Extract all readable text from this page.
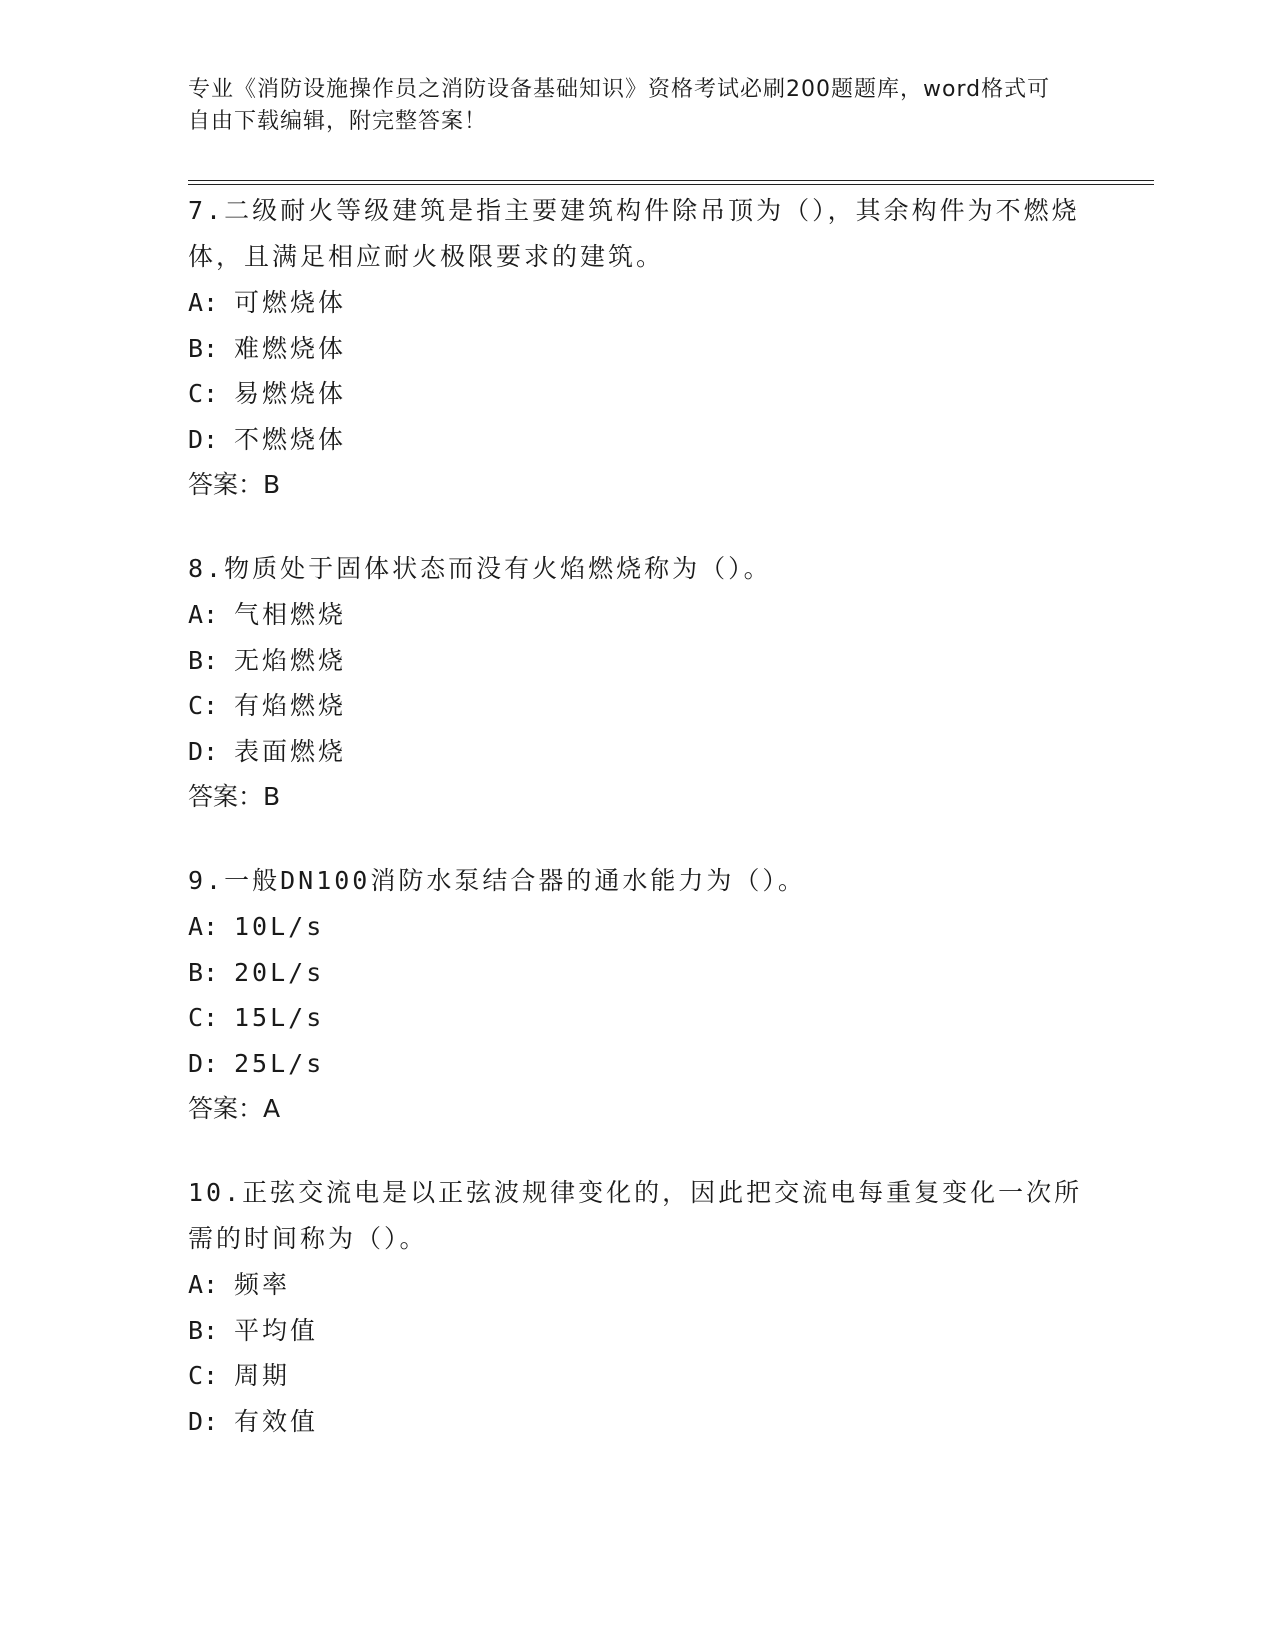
专业《消防设施操作员之消防设备基础知识》资格考试必刷200题题库，word格式可自由下载编辑，附完整答案！

7.二级耐火等级建筑是指主要建筑构件除吊顶为（），其余构件为不燃烧体，且满足相应耐火极限要求的建筑。

A: 可燃烧体

B: 难燃烧体

C: 易燃烧体

D: 不燃烧体

答案：B

8.物质处于固体状态而没有火焰燃烧称为（）。

A: 气相燃烧

B: 无焰燃烧

C: 有焰燃烧

D: 表面燃烧

答案：B

9.一般DN100消防水泵结合器的通水能力为（）。

A: 10L/s

B: 20L/s

C: 15L/s

D: 25L/s

答案：A

10.正弦交流电是以正弦波规律变化的，因此把交流电每重复变化一次所需的时间称为（）。

A: 频率

B: 平均值

C: 周期

D: 有效值
